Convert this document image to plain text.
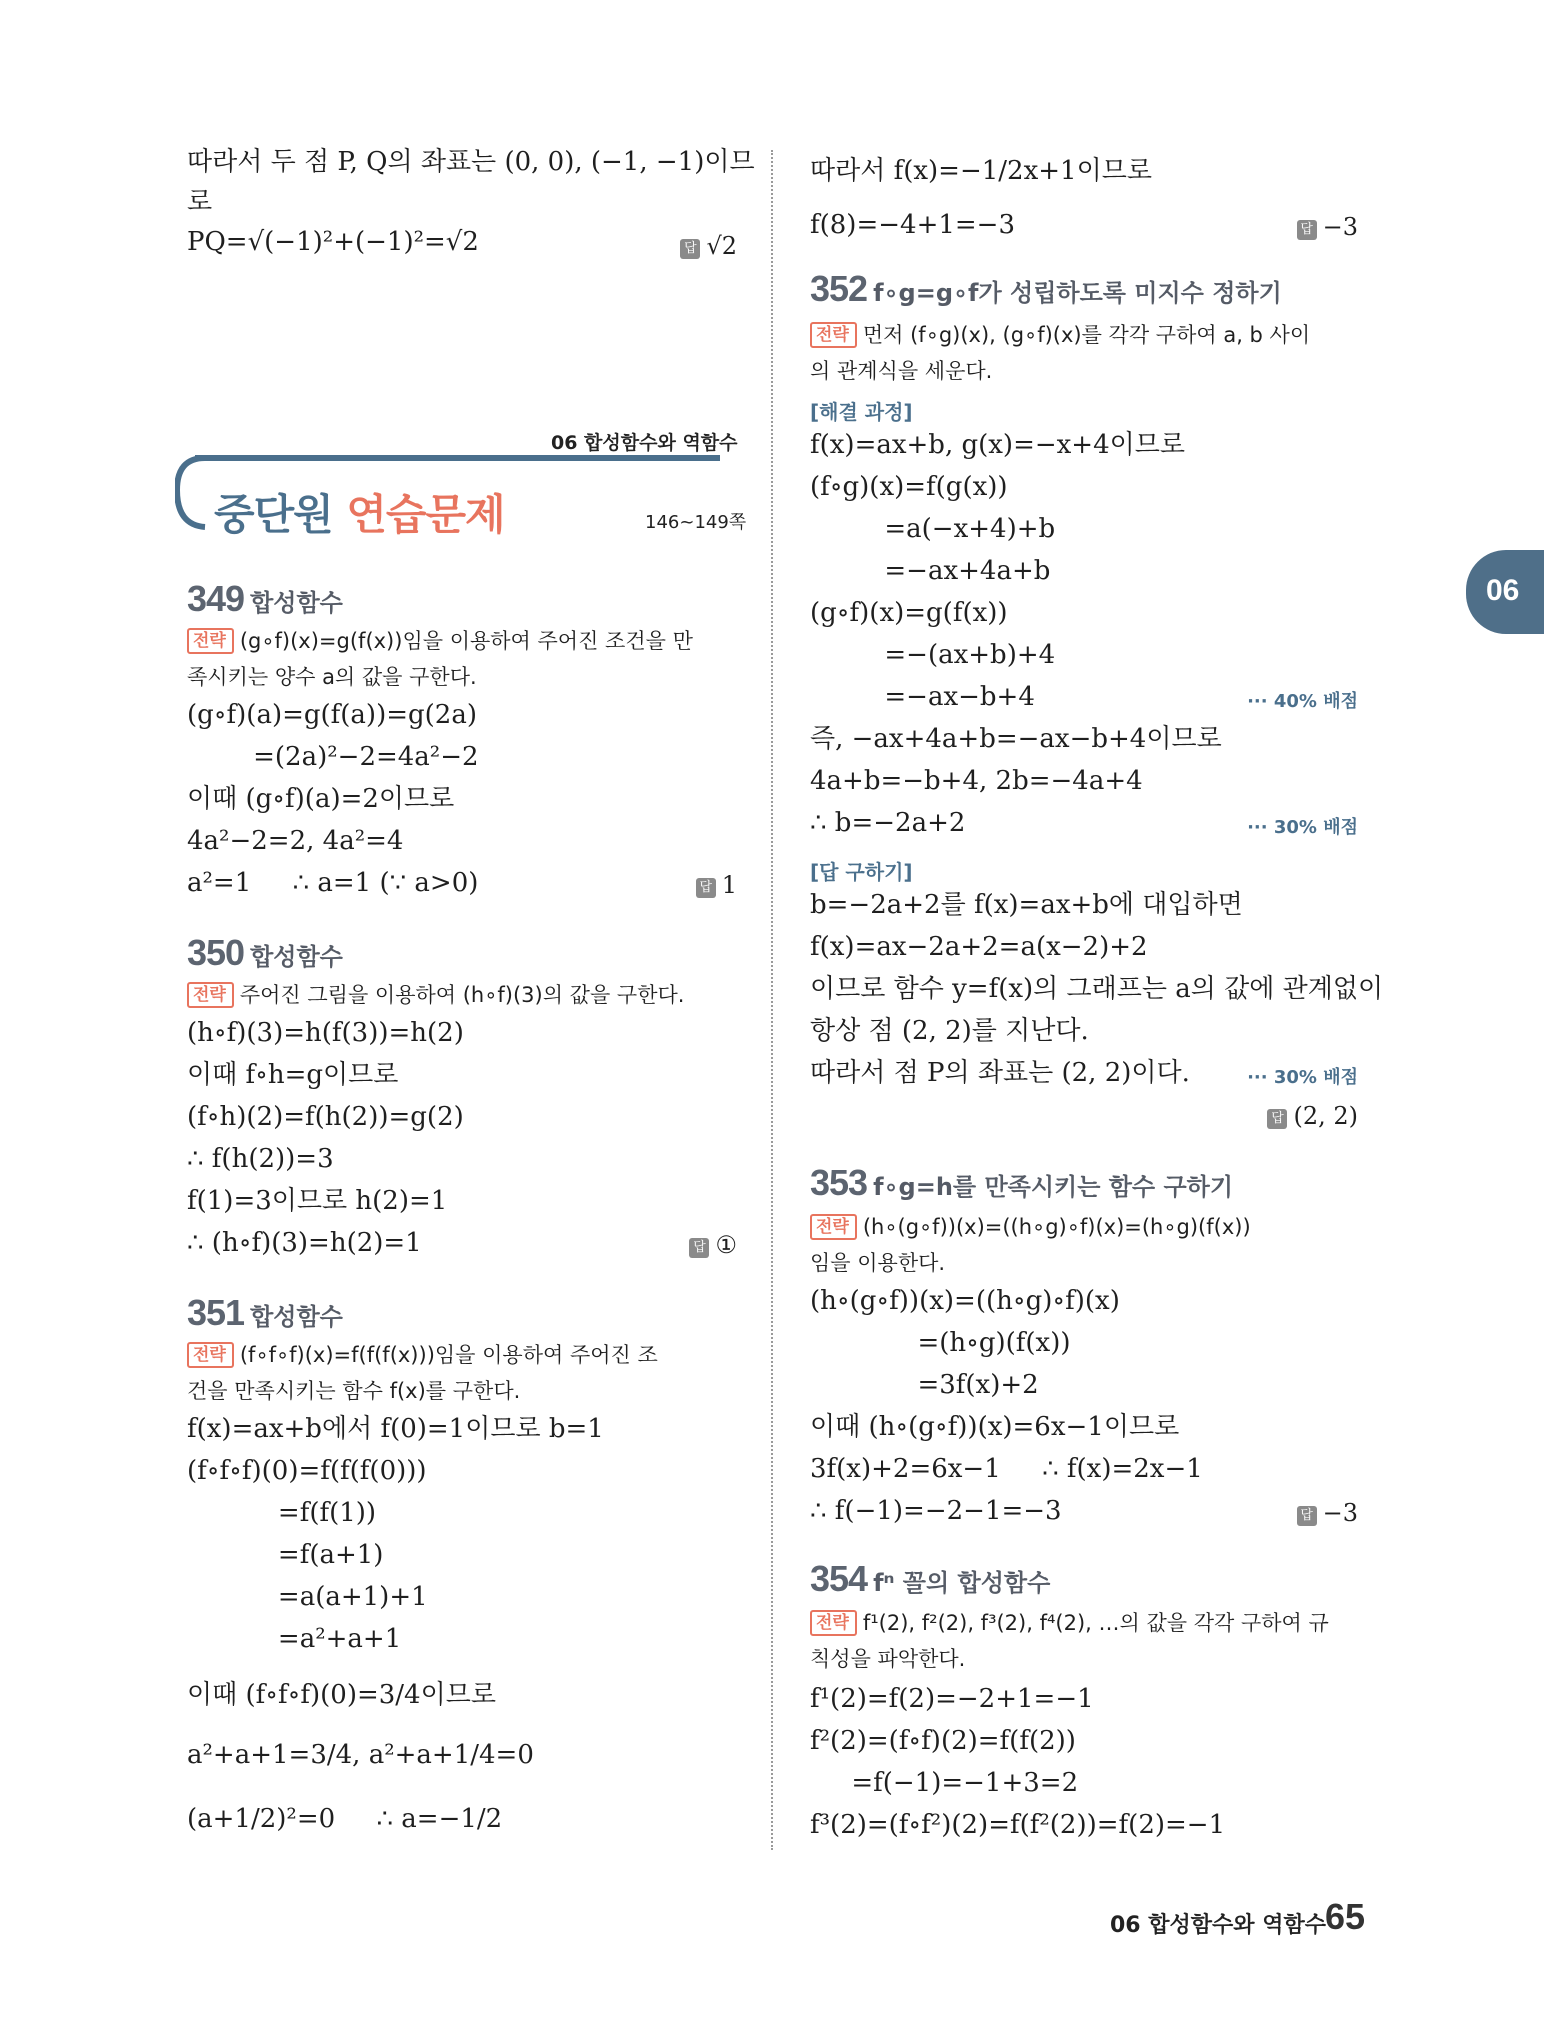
06 합성함수와 역함수
중단원 연습문제	146~149쪽
06
따라서 두 점 P, Q의 좌표는 (0, 0), (−1, −1)이므
로
PQ=√(−1)²+(−1)²=√2	답 √2
349 합성함수
전략 (g∘f)(x)=g(f(x))임을 이용하여 주어진 조건을 만
족시키는 양수 a의 값을 구한다.
(g∘f)(a)=g(f(a))=g(2a)
=(2a)²−2=4a²−2
이때 (g∘f)(a)=2이므로
4a²−2=2, 4a²=4
a²=1     ∴ a=1 (∵ a>0)	답 1
350 합성함수
전략 주어진 그림을 이용하여 (h∘f)(3)의 값을 구한다.
(h∘f)(3)=h(f(3))=h(2)
이때 f∘h=g이므로
(f∘h)(2)=f(h(2))=g(2)
∴ f(h(2))=3
f(1)=3이므로 h(2)=1
∴ (h∘f)(3)=h(2)=1	답 ①
351 합성함수
전략 (f∘f∘f)(x)=f(f(f(x)))임을 이용하여 주어진 조
건을 만족시키는 함수 f(x)를 구한다.
f(x)=ax+b에서 f(0)=1이므로 b=1
(f∘f∘f)(0)=f(f(f(0)))
=f(f(1))
=f(a+1)
=a(a+1)+1
=a²+a+1
이때 (f∘f∘f)(0)=3/4이므로
a²+a+1=3/4, a²+a+1/4=0
(a+1/2)²=0     ∴ a=−1/2
따라서 f(x)=−1/2x+1이므로
f(8)=−4+1=−3	답 −3
352 f∘g=g∘f가 성립하도록 미지수 정하기
전략 먼저 (f∘g)(x), (g∘f)(x)를 각각 구하여 a, b 사이
의 관계식을 세운다.
[해결 과정]
f(x)=ax+b, g(x)=−x+4이므로
(f∘g)(x)=f(g(x))
=a(−x+4)+b
=−ax+4a+b
(g∘f)(x)=g(f(x))
=−(ax+b)+4
=−ax−b+4	··· 40% 배점
즉, −ax+4a+b=−ax−b+4이므로
4a+b=−b+4, 2b=−4a+4
∴ b=−2a+2	··· 30% 배점
[답 구하기]
b=−2a+2를 f(x)=ax+b에 대입하면
f(x)=ax−2a+2=a(x−2)+2
이므로 함수 y=f(x)의 그래프는 a의 값에 관계없이
항상 점 (2, 2)를 지난다.
따라서 점 P의 좌표는 (2, 2)이다.	··· 30% 배점
답 (2, 2)
353 f∘g=h를 만족시키는 함수 구하기
전략 (h∘(g∘f))(x)=((h∘g)∘f)(x)=(h∘g)(f(x))
임을 이용한다.
(h∘(g∘f))(x)=((h∘g)∘f)(x)
=(h∘g)(f(x))
=3f(x)+2
이때 (h∘(g∘f))(x)=6x−1이므로
3f(x)+2=6x−1     ∴ f(x)=2x−1
∴ f(−1)=−2−1=−3	답 −3
354 fⁿ 꼴의 합성함수
전략 f¹(2), f²(2), f³(2), f⁴(2), …의 값을 각각 구하여 규
칙성을 파악한다.
f¹(2)=f(2)=−2+1=−1
f²(2)=(f∘f)(2)=f(f(2))
=f(−1)=−1+3=2
f³(2)=(f∘f²)(2)=f(f²(2))=f(2)=−1
06 합성함수와 역함수 65
